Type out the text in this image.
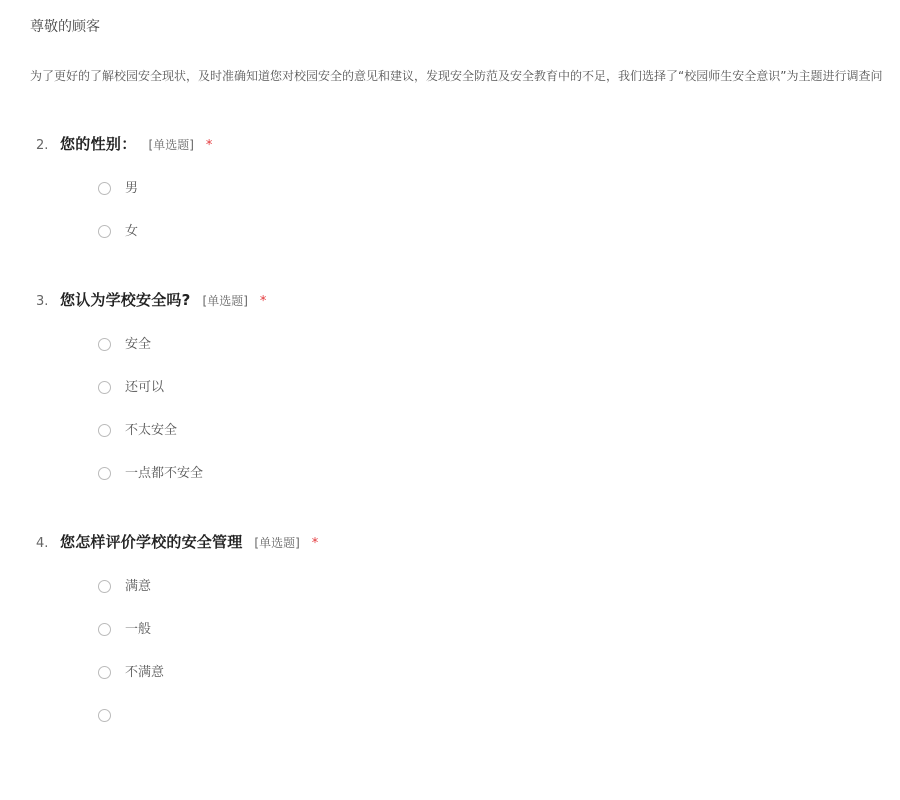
尊敬的顾客
为了更好的了解校园安全现状，及时准确知道您对校园安全的意见和建议，发现安全防范及安全教育中的不足，我们选择了“校园师生安全意识”为主题进行调查问
2. 您的性别： [单选题] *
男
女
3. 您认为学校安全吗? [单选题] *
安全
还可以
不太安全
一点都不安全
4. 您怎样评价学校的安全管理 [单选题] *
满意
一般
不满意
